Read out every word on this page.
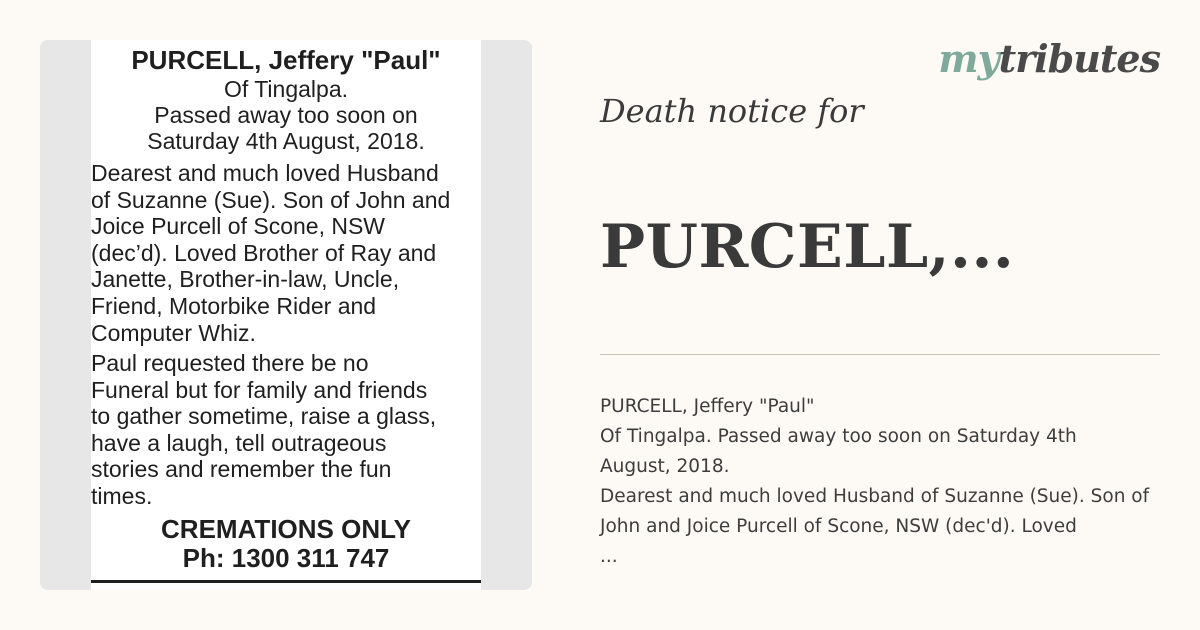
PURCELL, Jeffery "Paul"
Of Tingalpa.
Passed away too soon on
Saturday 4th August, 2018.
Dearest and much loved Husband
of Suzanne (Sue). Son of John and
Joice Purcell of Scone, NSW
(dec’d). Loved Brother of Ray and
Janette, Brother-in-law, Uncle,
Friend, Motorbike Rider and
Computer Whiz.
Paul requested there be no
Funeral but for family and friends
to gather sometime, raise a glass,
have a laugh, tell outrageous
stories and remember the fun
times.
CREMATIONS ONLY
Ph: 1300 311 747
mytributes
Death notice for
PURCELL,...
PURCELL, Jeffery "Paul"
Of Tingalpa. Passed away too soon on Saturday 4th
August, 2018.
Dearest and much loved Husband of Suzanne (Sue). Son of
John and Joice Purcell of Scone, NSW (dec'd). Loved
...
